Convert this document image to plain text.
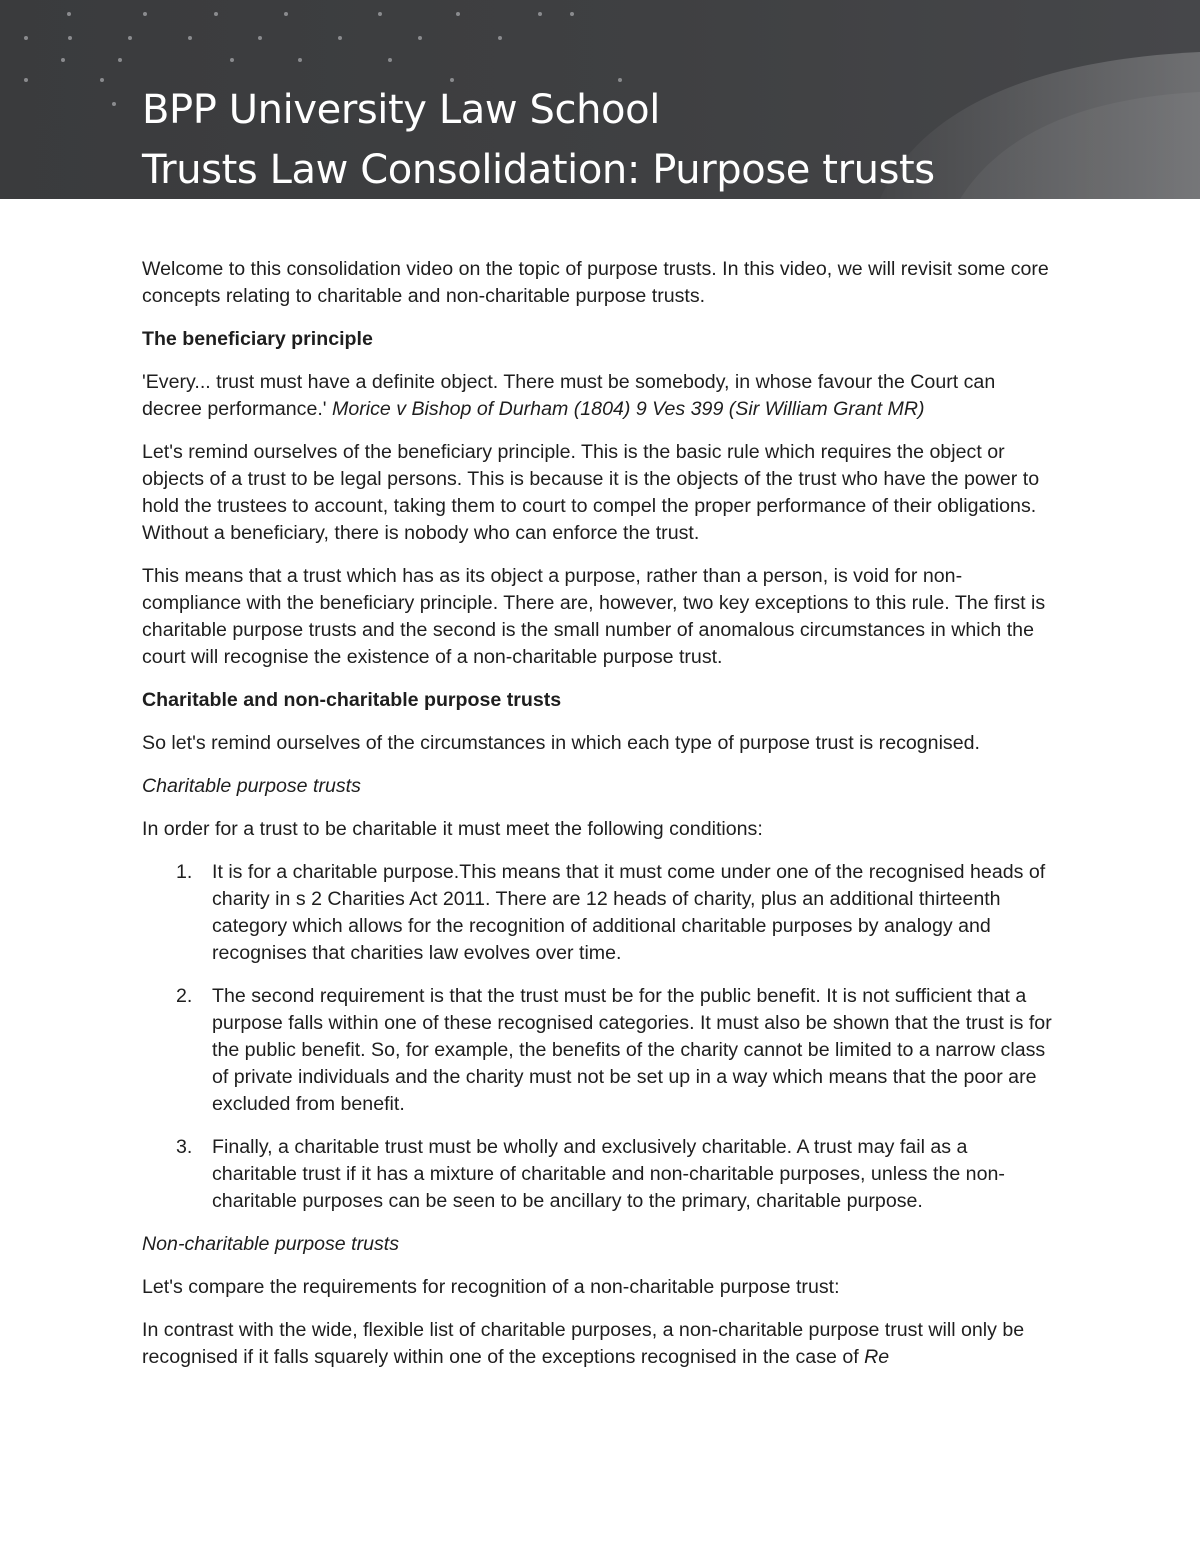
BPP University Law School
Trusts Law Consolidation: Purpose trusts

Welcome to this consolidation video on the topic of purpose trusts. In this video, we will revisit some core concepts relating to charitable and non-charitable purpose trusts.

The beneficiary principle

'Every... trust must have a definite object. There must be somebody, in whose favour the Court can decree performance.' Morice v Bishop of Durham (1804) 9 Ves 399 (Sir William Grant MR)

Let's remind ourselves of the beneficiary principle. This is the basic rule which requires the object or objects of a trust to be legal persons. This is because it is the objects of the trust who have the power to hold the trustees to account, taking them to court to compel the proper performance of their obligations. Without a beneficiary, there is nobody who can enforce the trust.

This means that a trust which has as its object a purpose, rather than a person, is void for non-compliance with the beneficiary principle. There are, however, two key exceptions to this rule. The first is charitable purpose trusts and the second is the small number of anomalous circumstances in which the court will recognise the existence of a non-charitable purpose trust.

Charitable and non-charitable purpose trusts

So let's remind ourselves of the circumstances in which each type of purpose trust is recognised.

Charitable purpose trusts

In order for a trust to be charitable it must meet the following conditions:

1. It is for a charitable purpose.This means that it must come under one of the recognised heads of charity in s 2 Charities Act 2011. There are 12 heads of charity, plus an additional thirteenth category which allows for the recognition of additional charitable purposes by analogy and recognises that charities law evolves over time.
2. The second requirement is that the trust must be for the public benefit. It is not sufficient that a purpose falls within one of these recognised categories. It must also be shown that the trust is for the public benefit. So, for example, the benefits of the charity cannot be limited to a narrow class of private individuals and the charity must not be set up in a way which means that the poor are excluded from benefit.
3. Finally, a charitable trust must be wholly and exclusively charitable. A trust may fail as a charitable trust if it has a mixture of charitable and non-charitable purposes, unless the non-charitable purposes can be seen to be ancillary to the primary, charitable purpose.

Non-charitable purpose trusts

Let's compare the requirements for recognition of a non-charitable purpose trust:

In contrast with the wide, flexible list of charitable purposes, a non-charitable purpose trust will only be recognised if it falls squarely within one of the exceptions recognised in the case of Re
